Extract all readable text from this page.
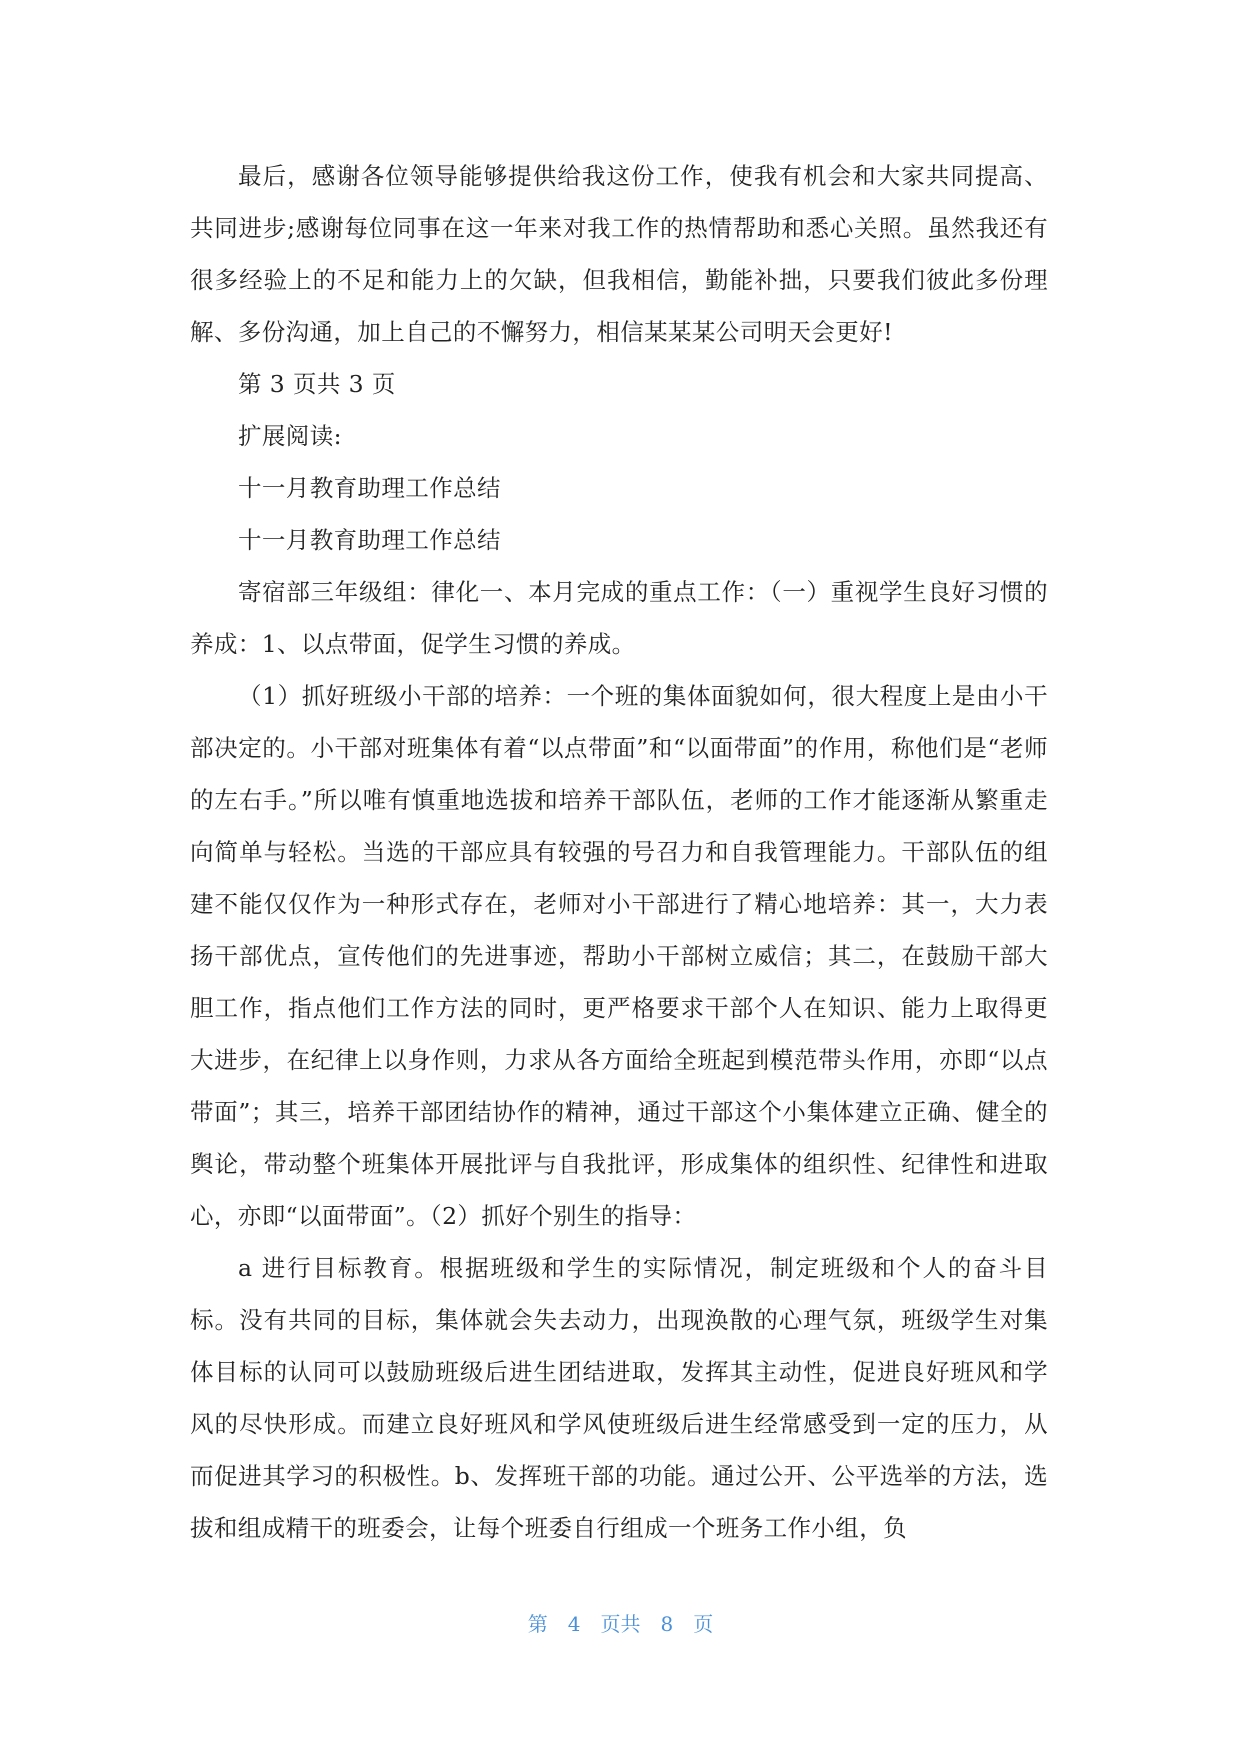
最后，感谢各位领导能够提供给我这份工作，使我有机会和大家共同提高、共同进步;感谢每位同事在这一年来对我工作的热情帮助和悉心关照。虽然我还有很多经验上的不足和能力上的欠缺，但我相信，勤能补拙，只要我们彼此多份理解、多份沟通，加上自己的不懈努力，相信某某某公司明天会更好!

第 3 页共 3 页

扩展阅读:

十一月教育助理工作总结

十一月教育助理工作总结

寄宿部三年级组：律化一、本月完成的重点工作：（一）重视学生良好习惯的养成：1、以点带面，促学生习惯的养成。

（1）抓好班级小干部的培养：一个班的集体面貌如何，很大程度上是由小干部决定的。小干部对班集体有着“以点带面”和“以面带面”的作用，称他们是“老师的左右手。”所以唯有慎重地选拔和培养干部队伍，老师的工作才能逐渐从繁重走向简单与轻松。当选的干部应具有较强的号召力和自我管理能力。干部队伍的组建不能仅仅作为一种形式存在，老师对小干部进行了精心地培养：其一，大力表扬干部优点，宣传他们的先进事迹，帮助小干部树立威信；其二，在鼓励干部大胆工作，指点他们工作方法的同时，更严格要求干部个人在知识、能力上取得更大进步，在纪律上以身作则，力求从各方面给全班起到模范带头作用，亦即“以点带面”；其三，培养干部团结协作的精神，通过干部这个小集体建立正确、健全的舆论，带动整个班集体开展批评与自我批评，形成集体的组织性、纪律性和进取心，亦即“以面带面”。（2）抓好个别生的指导：

a 进行目标教育。根据班级和学生的实际情况，制定班级和个人的奋斗目标。没有共同的目标，集体就会失去动力，出现涣散的心理气氛，班级学生对集体目标的认同可以鼓励班级后进生团结进取，发挥其主动性，促进良好班风和学风的尽快形成。而建立良好班风和学风使班级后进生经常感受到一定的压力，从而促进其学习的积极性。b、发挥班干部的功能。通过公开、公平选举的方法，选拔和组成精干的班委会，让每个班委自行组成一个班务工作小组，负

第 4 页共 8 页
